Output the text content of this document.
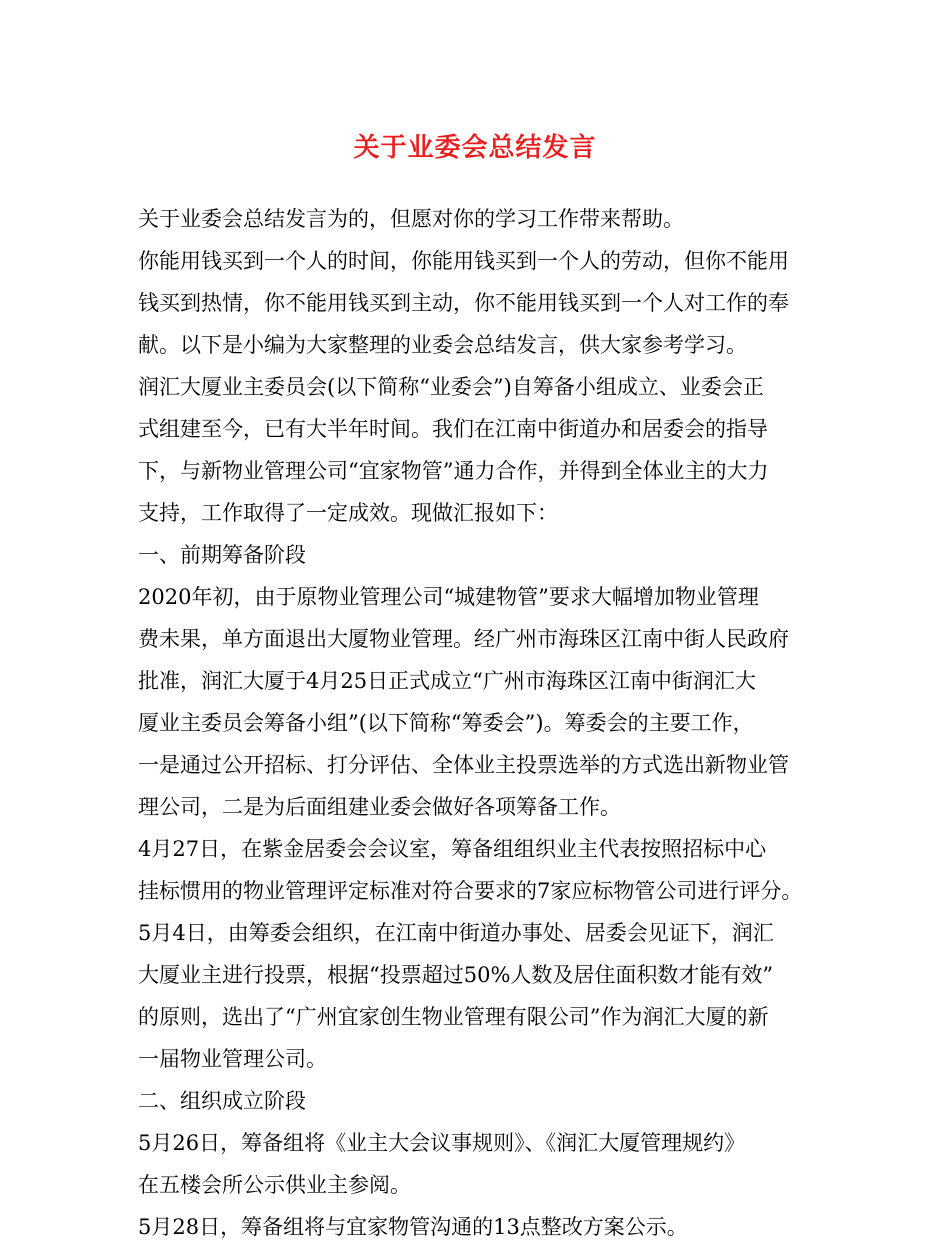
关于业委会总结发言

关于业委会总结发言为的，但愿对你的学习工作带来帮助。

你能用钱买到一个人的时间，你能用钱买到一个人的劳动，但你不能用

钱买到热情，你不能用钱买到主动，你不能用钱买到一个人对工作的奉

献。以下是小编为大家整理的业委会总结发言，供大家参考学习。

润汇大厦业主委员会(以下简称“业委会”)自筹备小组成立、业委会正

式组建至今，已有大半年时间。我们在江南中街道办和居委会的指导

下，与新物业管理公司“宜家物管”通力合作，并得到全体业主的大力

支持，工作取得了一定成效。现做汇报如下：

一、前期筹备阶段

2020年初，由于原物业管理公司“城建物管”要求大幅增加物业管理

费未果，单方面退出大厦物业管理。经广州市海珠区江南中街人民政府

批准，润汇大厦于4月25日正式成立“广州市海珠区江南中街润汇大

厦业主委员会筹备小组”(以下简称“筹委会”)。筹委会的主要工作，

一是通过公开招标、打分评估、全体业主投票选举的方式选出新物业管

理公司，二是为后面组建业委会做好各项筹备工作。

4月27日，在紫金居委会会议室，筹备组组织业主代表按照招标中心

挂标惯用的物业管理评定标准对符合要求的7家应标物管公司进行评分。

5月4日，由筹委会组织，在江南中街道办事处、居委会见证下，润汇

大厦业主进行投票，根据“投票超过50%人数及居住面积数才能有效”

的原则，选出了“广州宜家创生物业管理有限公司”作为润汇大厦的新

一届物业管理公司。

二、组织成立阶段

5月26日，筹备组将《业主大会议事规则》、《润汇大厦管理规约》

在五楼会所公示供业主参阅。

5月28日，筹备组将与宜家物管沟通的13点整改方案公示。
